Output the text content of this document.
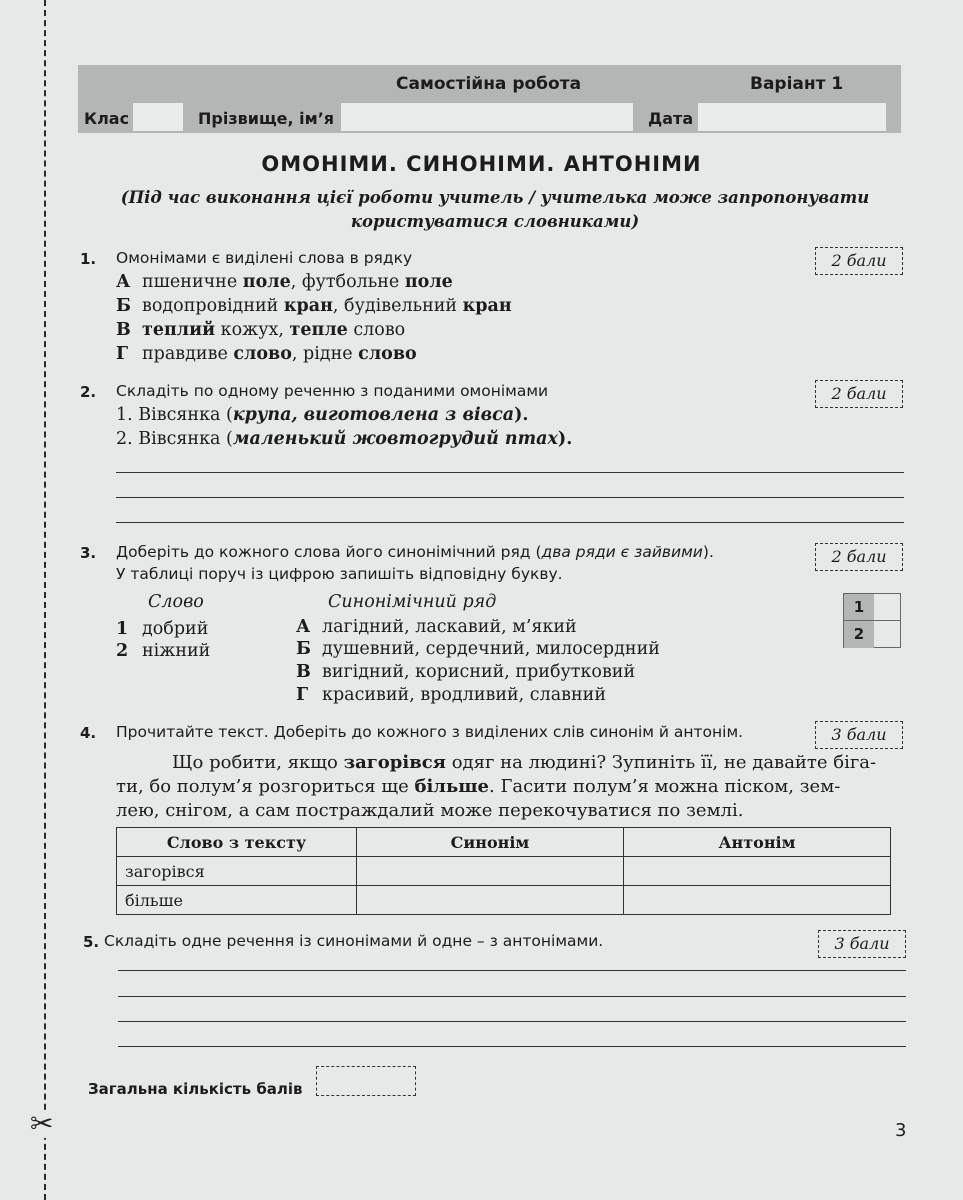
✂
Самостійна робота	Варіант 1
Клас	Прізвище, ім’я	Дата
ОМОНІМИ. СИНОНІМИ. АНТОНІМИ
(Під час виконання цієї роботи учитель / учителька може запропонувати
користуватися словниками)
1. Омонімами є виділені слова в рядку	2 бали
А пшеничне поле, футбольне поле
Б водопровідний кран, будівельний кран
В теплий кожух, тепле слово
Г правдиве слово, рідне слово
2. Складіть по одному реченню з поданими омонімами	2 бали
1. Вівсянка (крупа, виготовлена з вівса).
2. Вівсянка (маленький жовтогрудий птах).
3. Доберіть до кожного слова його синонімічний ряд (два ряди є зайвими).
У таблиці поруч із цифрою запишіть відповідну букву.
2 бали
Слово	Синонімічний ряд
1 добрий
2 ніжний
А лагідний, ласкавий, м’який
Б душевний, сердечний, милосердний
В вигідний, корисний, прибутковий
Г красивий, вродливий, славний
1
2
4. Прочитайте текст. Доберіть до кожного з виділених слів синонім й антонім.	3 бали
Що робити, якщо загорівся одяг на людині? Зупиніть її, не давайте біга-
ти, бо полум’я розгориться ще більше. Гасити полум’я можна піском, зем-
лею, снігом, а сам постраждалий може перекочуватися по землі.
Слово з тексту	Синонім	Антонім
загорівся		
більше		
5. Складіть одне речення із синонімами й одне – з антонімами.	3 бали
Загальна кількість балів
3
